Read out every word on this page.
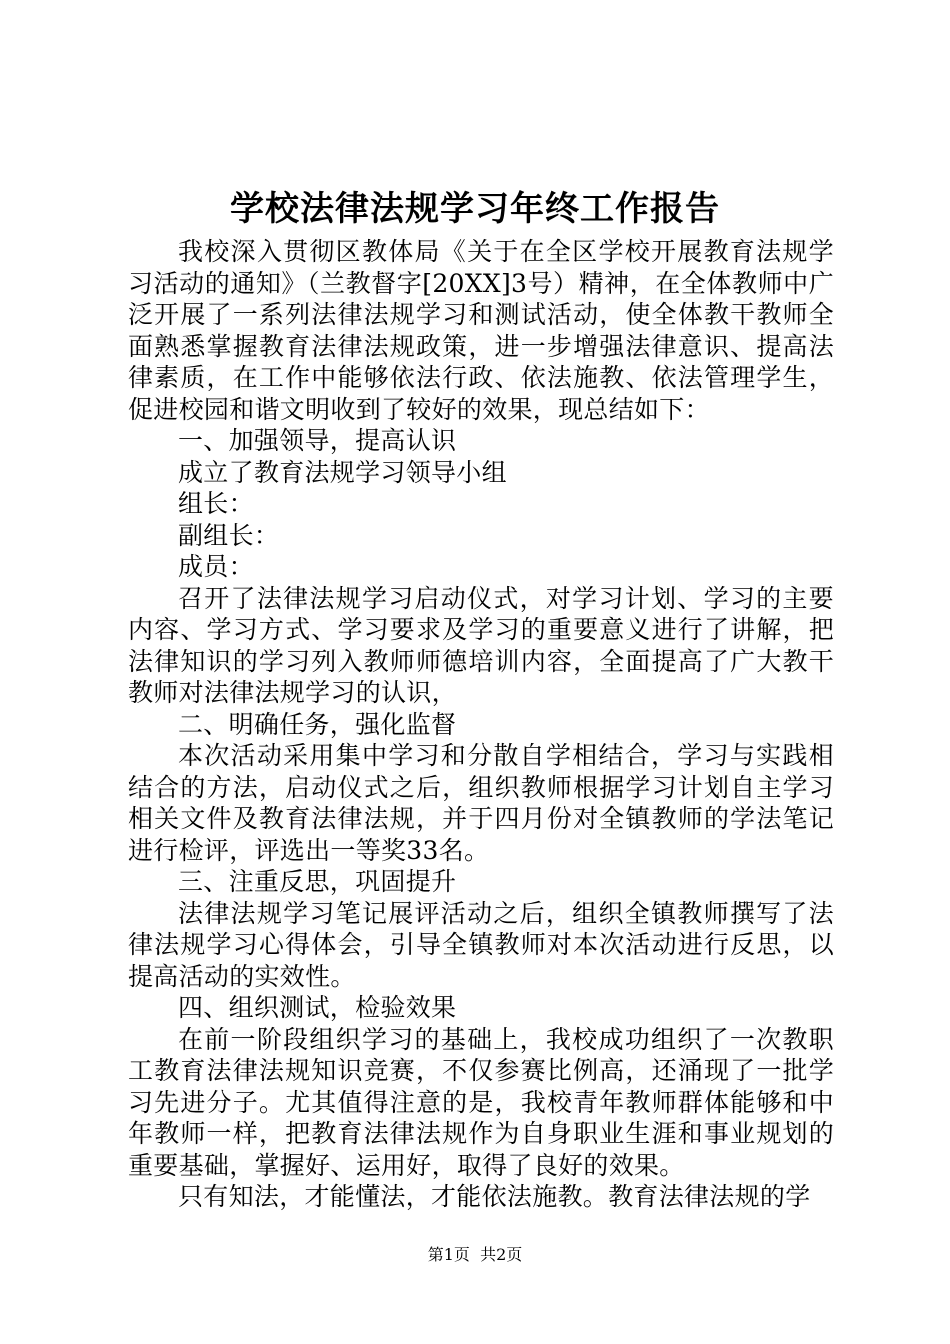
学校法律法规学习年终工作报告

我校深入贯彻区教体局《关于在全区学校开展教育法规学习活动的通知》（兰教督字[20XX]3号）精神，在全体教师中广泛开展了一系列法律法规学习和测试活动，使全体教干教师全面熟悉掌握教育法律法规政策，进一步增强法律意识、提高法律素质，在工作中能够依法行政、依法施教、依法管理学生，促进校园和谐文明收到了较好的效果，现总结如下：

一、加强领导，提高认识

成立了教育法规学习领导小组

组长：

副组长：

成员：

召开了法律法规学习启动仪式，对学习计划、学习的主要内容、学习方式、学习要求及学习的重要意义进行了讲解，把法律知识的学习列入教师师德培训内容，全面提高了广大教干教师对法律法规学习的认识，

二、明确任务，强化监督

本次活动采用集中学习和分散自学相结合，学习与实践相结合的方法，启动仪式之后，组织教师根据学习计划自主学习相关文件及教育法律法规，并于四月份对全镇教师的学法笔记进行检评，评选出一等奖33名。

三、注重反思，巩固提升

法律法规学习笔记展评活动之后，组织全镇教师撰写了法律法规学习心得体会，引导全镇教师对本次活动进行反思，以提高活动的实效性。

四、组织测试，检验效果

在前一阶段组织学习的基础上，我校成功组织了一次教职工教育法律法规知识竞赛，不仅参赛比例高，还涌现了一批学习先进分子。尤其值得注意的是，我校青年教师群体能够和中年教师一样，把教育法律法规作为自身职业生涯和事业规划的重要基础，掌握好、运用好，取得了良好的效果。

只有知法，才能懂法，才能依法施教。教育法律法规的学

第1页 共2页
